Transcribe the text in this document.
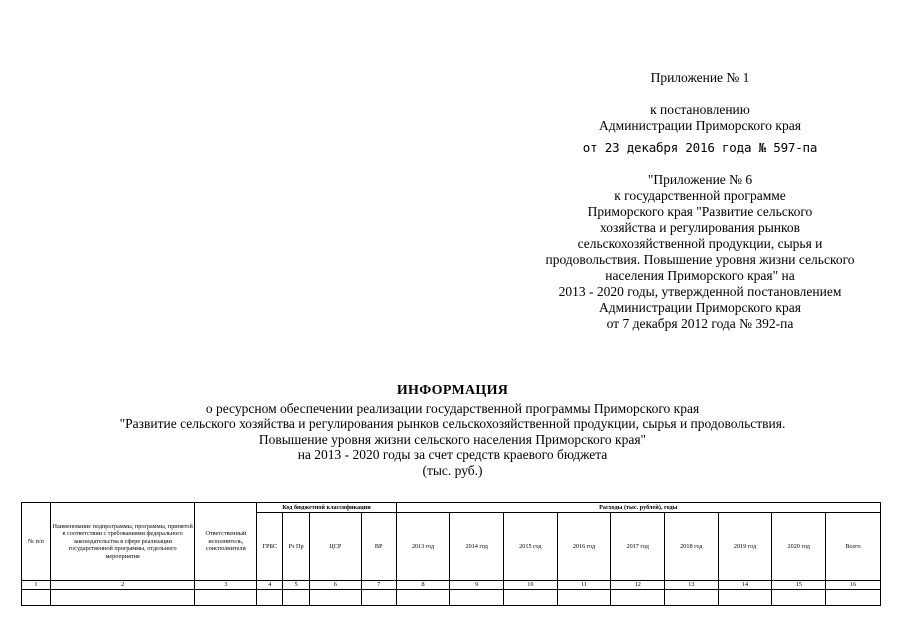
Приложение № 1
к постановлению
Администрации Приморского края
от 23 декабря 2016 года № 597-па
"Приложение № 6
к государственной программе
Приморского края "Развитие сельского
хозяйства и регулирования рынков
сельскохозяйственной продукции, сырья и
продовольствия. Повышение уровня жизни сельского
населения Приморского края" на
2013 - 2020 годы, утвержденной постановлением
Администрации Приморского края
от 7 декабря 2012 года № 392-па
ИНФОРМАЦИЯ
о ресурсном обеспечении реализации государственной программы Приморского края
"Развитие сельского хозяйства и регулирования рынков сельскохозяйственной продукции, сырья и продовольствия.
Повышение уровня жизни сельского населения Приморского края"
на 2013 - 2020 годы за счет средств краевого бюджета
(тыс. руб.)
№ п/п	Наименование подпрограммы, программы, принятой в соответствии с требованиями федерального законодательства в сфере реализации государственной программы, отдельного мероприятия	Ответственный исполнитель, соисполнители	Код бюджетной классификации				Расходы (тыс. рублей), годы								
			ГРБС	Рз Пр	ЦСР	ВР	2013 год	2014 год	2015 год	2016 год	2017 год	2018 год	2019 год	2020 год	Всего
1	2	3	4	5	6	7	8	9	10	11	12	13	14	15	16
